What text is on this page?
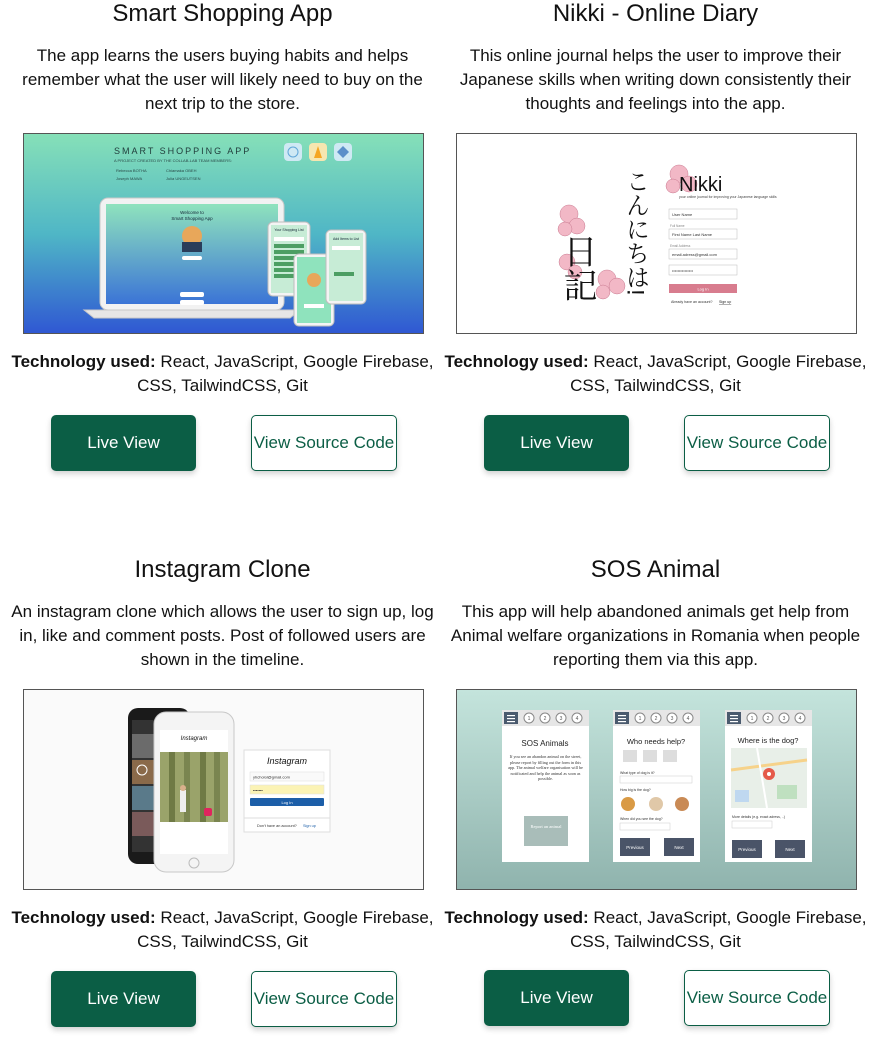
Smart Shopping App

The app learns the users buying habits and helps remember what the user will likely need to buy on the next trip to the store.

SMART SHOPPING APP
A PROJECT CREATED BY THE COLLAB-LAB TEAM MEMBERS:
Rebecca BOTHA	Chiamaka OBEH
Joseph MAWA	Julia UNGEUTSEN
Welcome to
Smart Shopping App
Your Shopping List
Add Items to List
Technology used: React, JavaScript, Google Firebase, CSS, TailwindCSS, Git
Live View	View Source Code
Nikki - Online Diary

This online journal helps the user to improve their Japanese skills when writing down consistently their thoughts and feelings into the app.

日記 こんにちは! Nikki
your online journal for improving your Japanese language skills
User Name
Full Name
First Name Last Name
Email Address
email.adress@gmail.com
•••••••••••••••
Log In
Already have an account? Sign up
Technology used: React, JavaScript, Google Firebase, CSS, TailwindCSS, Git
Live View	View Source Code
Instagram Clone

An instagram clone which allows the user to sign up, log in, like and comment posts. Post of followed users are shown in the timeline.

Instagram
Instagram
yhcholol@gmail.com
•••••••
Log In
Don't have an account? Sign up
Technology used: React, JavaScript, Google Firebase, CSS, TailwindCSS, Git
Live View	View Source Code
SOS Animal

This app will help abandoned animals get help from Animal welfare organizations in Romania when people reporting them via this app.

1	2	3	4
SOS Animals
If you see an abandon animal on the street, please report by filling out the form in this app. The animal welfare organisation will be notificated and help the animal as soon as possible.
Report an animal
1	2	3	4
Who needs help?
What type of dog is it?
How big is the dog?
When did you see the dog?
Previous	Next
1	2	3	4
Where is the dog?
More details (e.g. exact adress, ..)
Previous	Next
Technology used: React, JavaScript, Google Firebase, CSS, TailwindCSS, Git
Live View	View Source Code
